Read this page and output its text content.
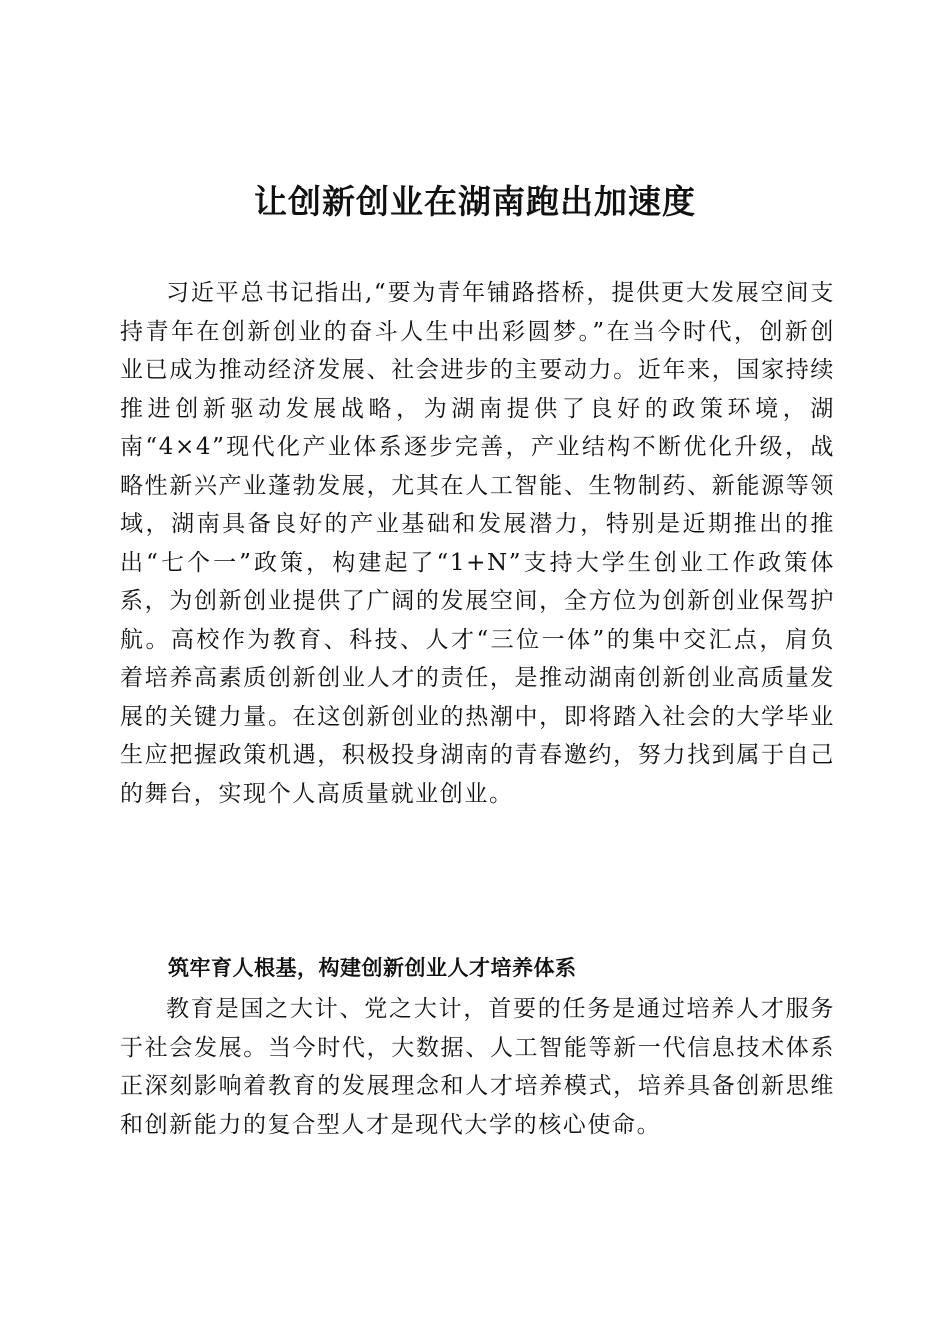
让创新创业在湖南跑出加速度

习近平总书记指出,“要为青年铺路搭桥，提供更大发展空间支持青年在创新创业的奋斗人生中出彩圆梦。”在当今时代，创新创业已成为推动经济发展、社会进步的主要动力。近年来，国家持续推进创新驱动发展战略，为湖南提供了良好的政策环境，湖南“4×4”现代化产业体系逐步完善，产业结构不断优化升级，战略性新兴产业蓬勃发展，尤其在人工智能、生物制药、新能源等领域，湖南具备良好的产业基础和发展潜力，特别是近期推出的推出“七个一”政策，构建起了“1+N”支持大学生创业工作政策体系，为创新创业提供了广阔的发展空间，全方位为创新创业保驾护航。高校作为教育、科技、人才“三位一体”的集中交汇点，肩负着培养高素质创新创业人才的责任，是推动湖南创新创业高质量发展的关键力量。在这创新创业的热潮中，即将踏入社会的大学毕业生应把握政策机遇，积极投身湖南的青春邀约，努力找到属于自己的舞台，实现个人高质量就业创业。

筑牢育人根基，构建创新创业人才培养体系

教育是国之大计、党之大计，首要的任务是通过培养人才服务于社会发展。当今时代，大数据、人工智能等新一代信息技术体系正深刻影响着教育的发展理念和人才培养模式，培养具备创新思维和创新能力的复合型人才是现代大学的核心使命。
